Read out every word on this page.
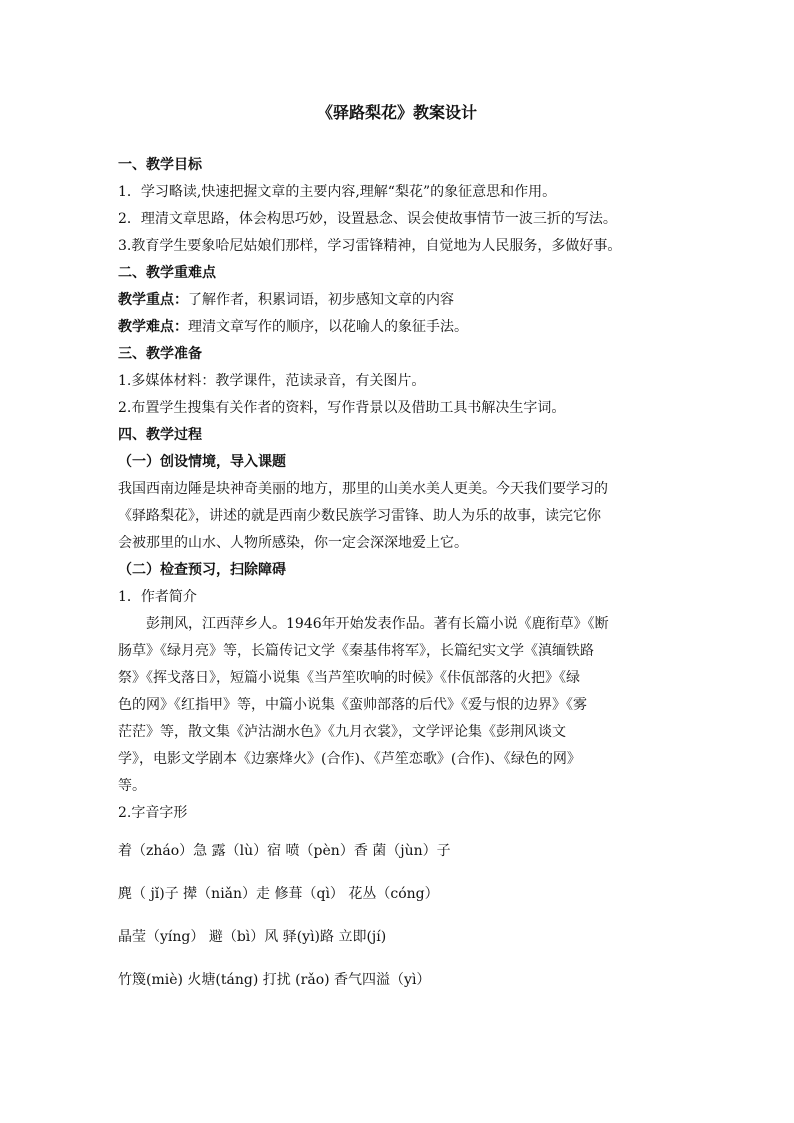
《驿路梨花》教案设计
一、教学目标
1．学习略读,快速把握文章的主要内容,理解“梨花”的象征意思和作用。
2．理清文章思路，体会构思巧妙，设置悬念、误会使故事情节一波三折的写法。
3.教育学生要象哈尼姑娘们那样，学习雷锋精神，自觉地为人民服务，多做好事。
二、教学重难点
教学重点：了解作者，积累词语，初步感知文章的内容
教学难点：理清文章写作的顺序，以花喻人的象征手法。
三、教学准备
1.多媒体材料：教学课件，范读录音，有关图片。
2.布置学生搜集有关作者的资料，写作背景以及借助工具书解决生字词。
四、教学过程
（一）创设情境，导入课题
我国西南边陲是块神奇美丽的地方，那里的山美水美人更美。今天我们要学习的
《驿路梨花》，讲述的就是西南少数民族学习雷锋、助人为乐的故事，读完它你
会被那里的山水、人物所感染，你一定会深深地爱上它。
（二）检查预习，扫除障碍
1．作者简介
彭荆风，江西萍乡人。1946年开始发表作品。著有长篇小说《鹿衔草》《断
肠草》《绿月亮》等，长篇传记文学《秦基伟将军》，长篇纪实文学《滇缅铁路
祭》《挥戈落日》，短篇小说集《当芦笙吹响的时候》《佧佤部落的火把》《绿
色的网》《红指甲》等，中篇小说集《蛮帅部落的后代》《爱与恨的边界》《雾
茫茫》等，散文集《泸沽湖水色》《九月衣裳》，文学评论集《彭荆风谈文
学》，电影文学剧本《边寨烽火》(合作)、《芦笙恋歌》(合作)、《绿色的网》
等。
2.字音字形
着（zháo）急 露（lù）宿 喷（pèn）香 菌（jùn）子
麂（ jǐ)子 撵（niǎn）走 修葺（qì） 花丛（cóng）
晶莹（yíng） 避（bì）风 驿(yì)路 立即(jí)
竹篾(miè) 火塘(táng) 打扰 (rǎo) 香气四溢（yì）
